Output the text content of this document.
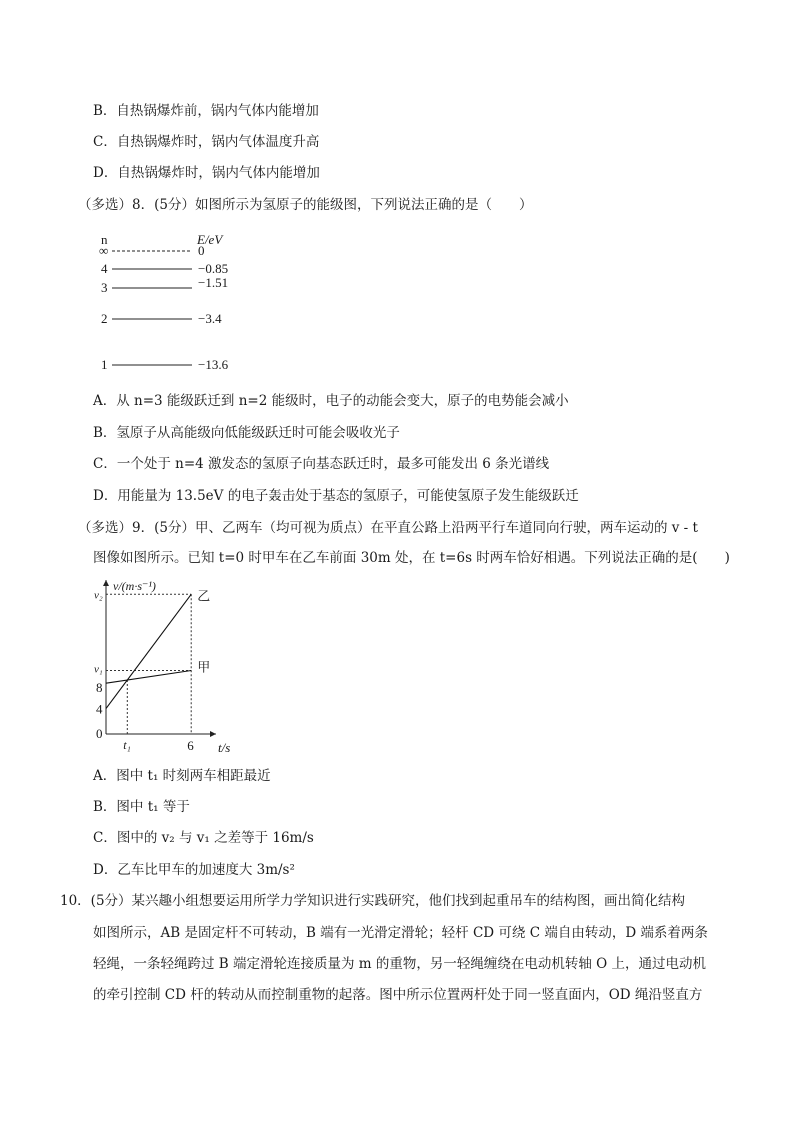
B．自热锅爆炸前，锅内气体内能增加
C．自热锅爆炸时，锅内气体温度升高
D．自热锅爆炸时，锅内气体内能增加
（多选）8．(5分）如图所示为氢原子的能级图，下列说法正确的是（　　）
n	E/eV
∞	0
4	−0.85
3	−1.51
2	−3.4
1	−13.6
A．从 n=3 能级跃迁到 n=2 能级时，电子的动能会变大，原子的电势能会减小
B．氢原子从高能级向低能级跃迁时可能会吸收光子
C．一个处于 n=4 激发态的氢原子向基态跃迁时，最多可能发出 6 条光谱线
D．用能量为 13.5eV 的电子轰击处于基态的氢原子，可能使氢原子发生能级跃迁
（多选）9．(5分）甲、乙两车（均可视为质点）在平直公路上沿两平行车道同向行驶，两车运动的 v - t
图像如图所示。已知 t=0 时甲车在乙车前面 30m 处，在 t=6s 时两车恰好相遇。下列说法正确的是(　　)
v/(m·s⁻¹)
t/s
乙
甲
v₂
v₁
8
4
0
t₁	6
A．图中 t₁ 时刻两车相距最近
B．图中 t₁ 等于
C．图中的 v₂ 与 v₁ 之差等于 16m/s
D．乙车比甲车的加速度大 3m/s²
10．(5分）某兴趣小组想要运用所学力学知识进行实践研究，他们找到起重吊车的结构图，画出简化结构
如图所示，AB 是固定杆不可转动，B 端有一光滑定滑轮；轻杆 CD 可绕 C 端自由转动，D 端系着两条
轻绳，一条轻绳跨过 B 端定滑轮连接质量为 m 的重物，另一轻绳缠绕在电动机转轴 O 上，通过电动机
的牵引控制 CD 杆的转动从而控制重物的起落。图中所示位置两杆处于同一竖直面内，OD 绳沿竖直方
